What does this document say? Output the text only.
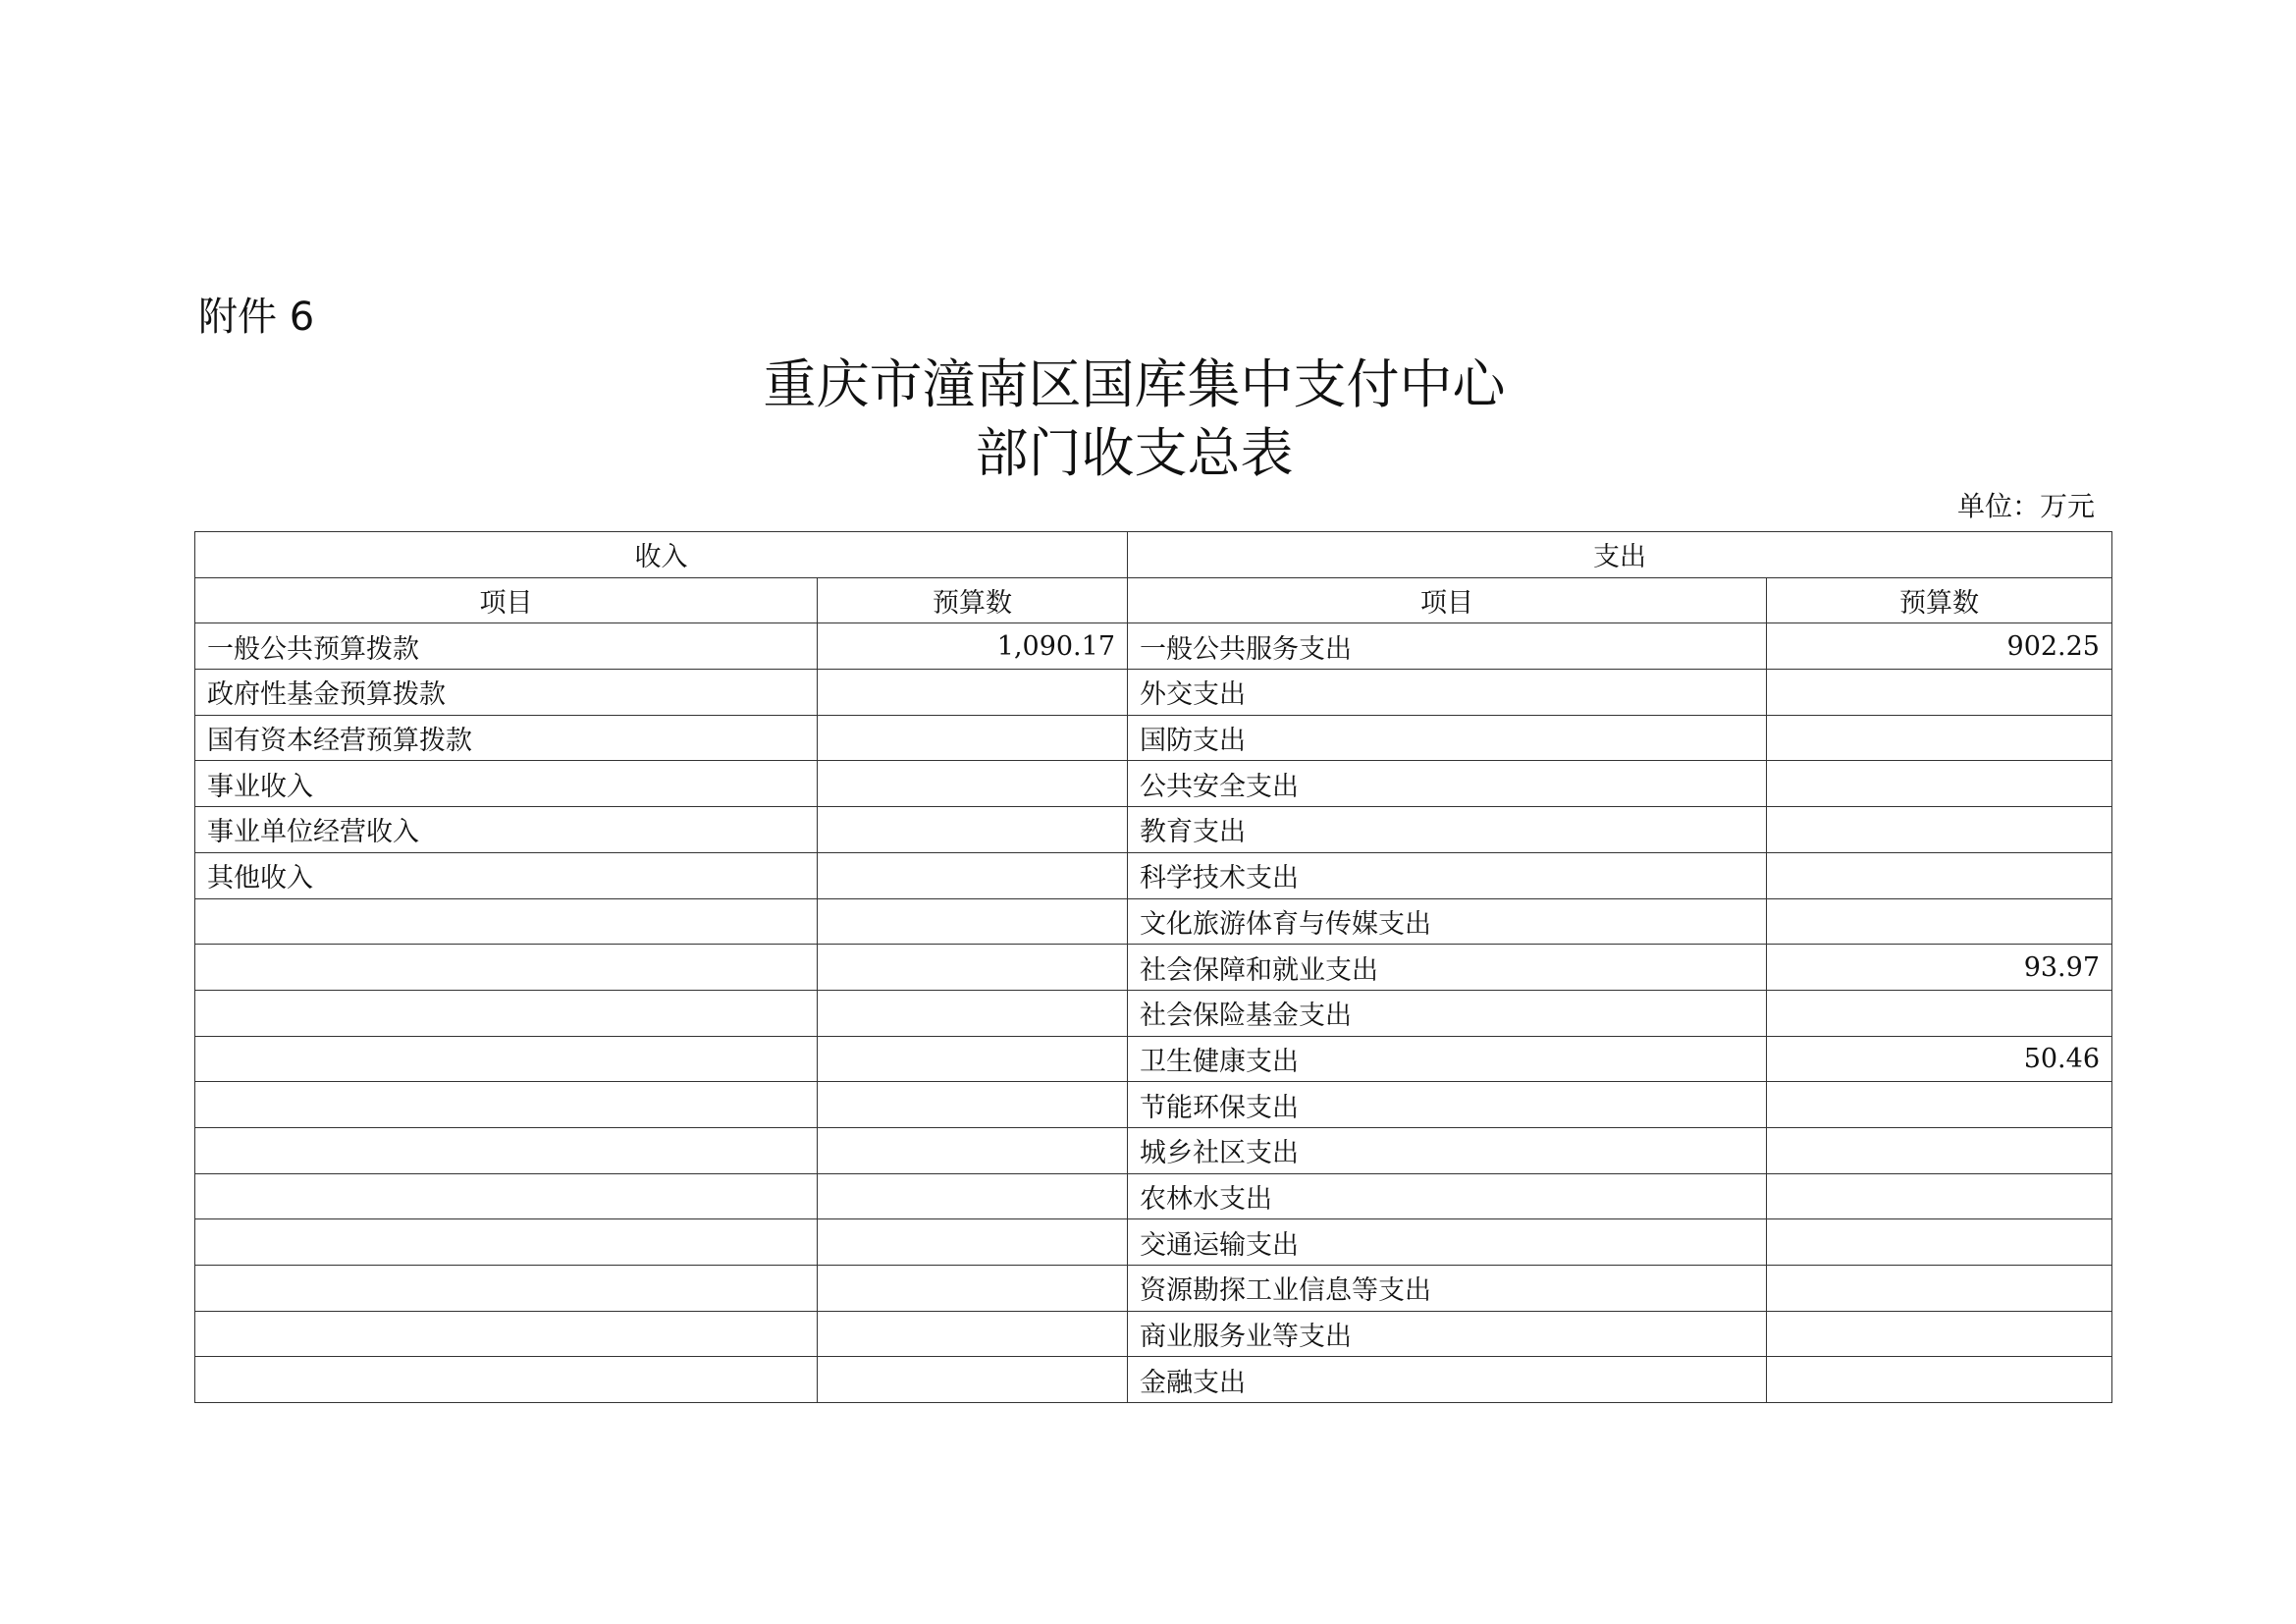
附件 6
重庆市潼南区国库集中支付中心
部门收支总表
单位：万元
收入		支出	
项目	预算数	项目	预算数
一般公共预算拨款	1,090.17	一般公共服务支出	902.25
政府性基金预算拨款		外交支出	
国有资本经营预算拨款		国防支出	
事业收入		公共安全支出	
事业单位经营收入		教育支出	
其他收入		科学技术支出	
		文化旅游体育与传媒支出	
		社会保障和就业支出	93.97
		社会保险基金支出	
		卫生健康支出	50.46
		节能环保支出	
		城乡社区支出	
		农林水支出	
		交通运输支出	
		资源勘探工业信息等支出	
		商业服务业等支出	
		金融支出	
